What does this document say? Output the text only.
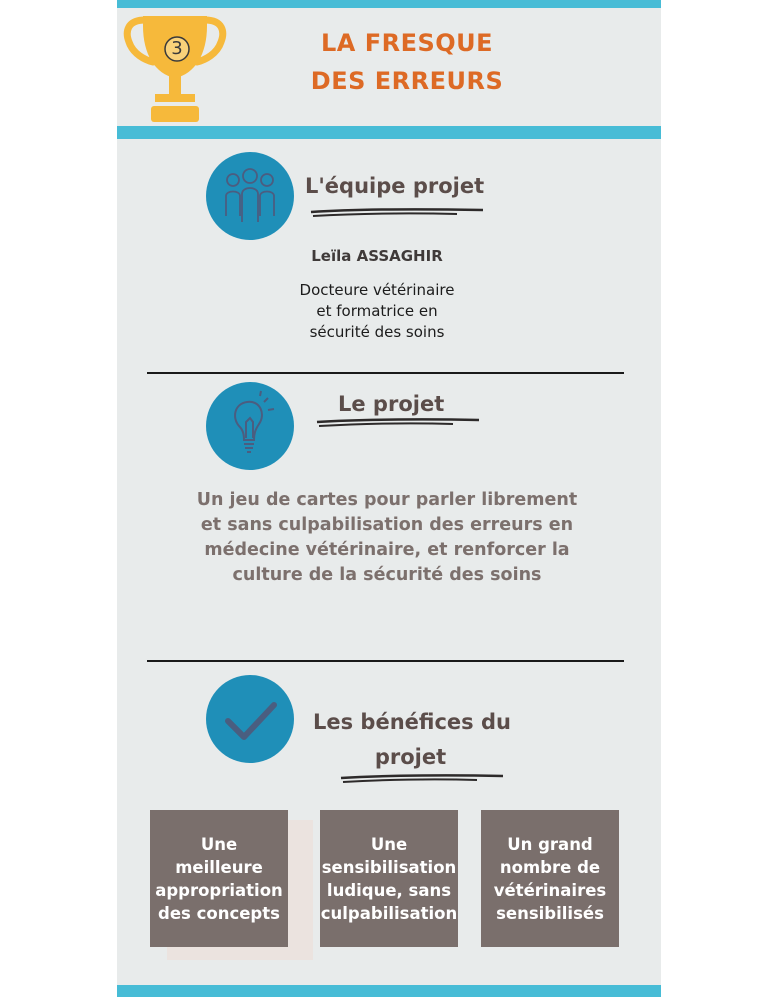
3	LA FRESQUE
DES ERREURS
L'équipe projet
Leïla ASSAGHIR
Docteure vétérinaire
et formatrice en
sécurité des soins
Le projet
Un jeu de cartes pour parler librement
et sans culpabilisation des erreurs en
médecine vétérinaire, et renforcer la
culture de la sécurité des soins
Les bénéfices du
projet
Une
meilleure
appropriation
des concepts
Une
sensibilisation
ludique, sans
culpabilisation
Un grand
nombre de
vétérinaires
sensibilisés
